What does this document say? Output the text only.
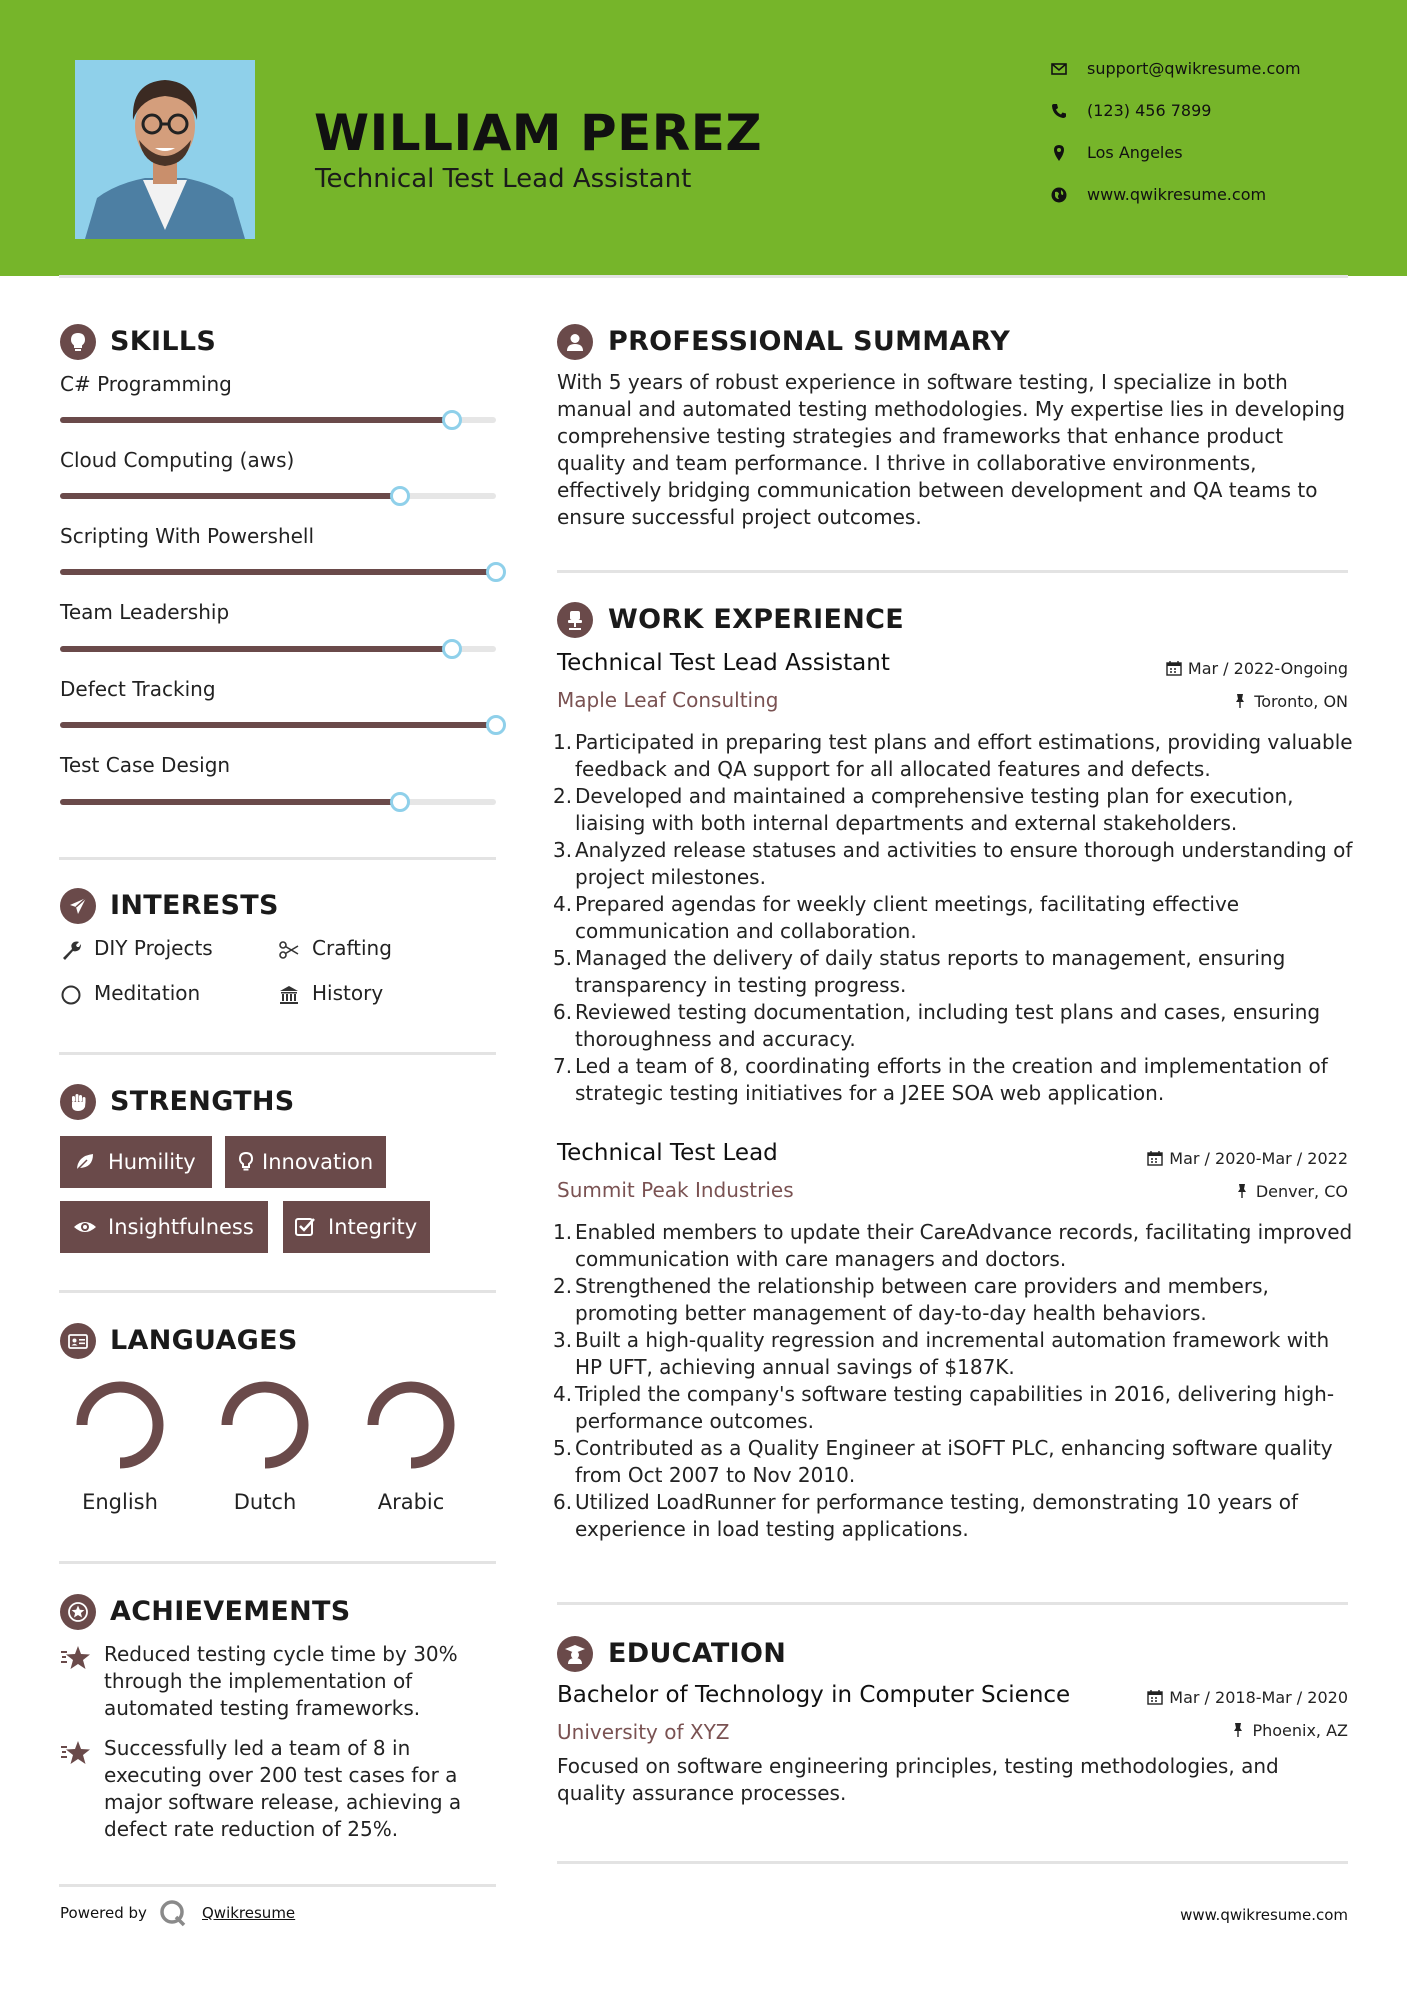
WILLIAM PEREZ
Technical Test Lead Assistant
support@qwikresume.com
(123) 456 7899
Los Angeles
www.qwikresume.com
SKILLS
C# Programming
Cloud Computing (aws)
Scripting With Powershell
Team Leadership
Defect Tracking
Test Case Design
INTERESTS
DIY Projects	Crafting
Meditation	History
STRENGTHS
Humility	Innovation
Insightfulness	Integrity
LANGUAGES
English	Dutch	Arabic
ACHIEVEMENTS
Reduced testing cycle time by 30% through the implementation of automated testing frameworks.
Successfully led a team of 8 in executing over 200 test cases for a major software release, achieving a defect rate reduction of 25%.
PROFESSIONAL SUMMARY
With 5 years of robust experience in software testing, I specialize in both manual and automated testing methodologies. My expertise lies in developing comprehensive testing strategies and frameworks that enhance product quality and team performance. I thrive in collaborative environments, effectively bridging communication between development and QA teams to ensure successful project outcomes.
WORK EXPERIENCE
Technical Test Lead Assistant	Mar / 2022-Ongoing
Maple Leaf Consulting	Toronto, ON
1. Participated in preparing test plans and effort estimations, providing valuable feedback and QA support for all allocated features and defects.
2. Developed and maintained a comprehensive testing plan for execution, liaising with both internal departments and external stakeholders.
3. Analyzed release statuses and activities to ensure thorough understanding of project milestones.
4. Prepared agendas for weekly client meetings, facilitating effective communication and collaboration.
5. Managed the delivery of daily status reports to management, ensuring transparency in testing progress.
6. Reviewed testing documentation, including test plans and cases, ensuring thoroughness and accuracy.
7. Led a team of 8, coordinating efforts in the creation and implementation of strategic testing initiatives for a J2EE SOA web application.
Technical Test Lead	Mar / 2020-Mar / 2022
Summit Peak Industries	Denver, CO
1. Enabled members to update their CareAdvance records, facilitating improved communication with care managers and doctors.
2. Strengthened the relationship between care providers and members, promoting better management of day-to-day health behaviors.
3. Built a high-quality regression and incremental automation framework with HP UFT, achieving annual savings of $187K.
4. Tripled the company's software testing capabilities in 2016, delivering high-performance outcomes.
5. Contributed as a Quality Engineer at iSOFT PLC, enhancing software quality from Oct 2007 to Nov 2010.
6. Utilized LoadRunner for performance testing, demonstrating 10 years of experience in load testing applications.
EDUCATION
Bachelor of Technology in Computer Science	Mar / 2018-Mar / 2020
University of XYZ	Phoenix, AZ
Focused on software engineering principles, testing methodologies, and quality assurance processes.
Powered by	Qwikresume	www.qwikresume.com
